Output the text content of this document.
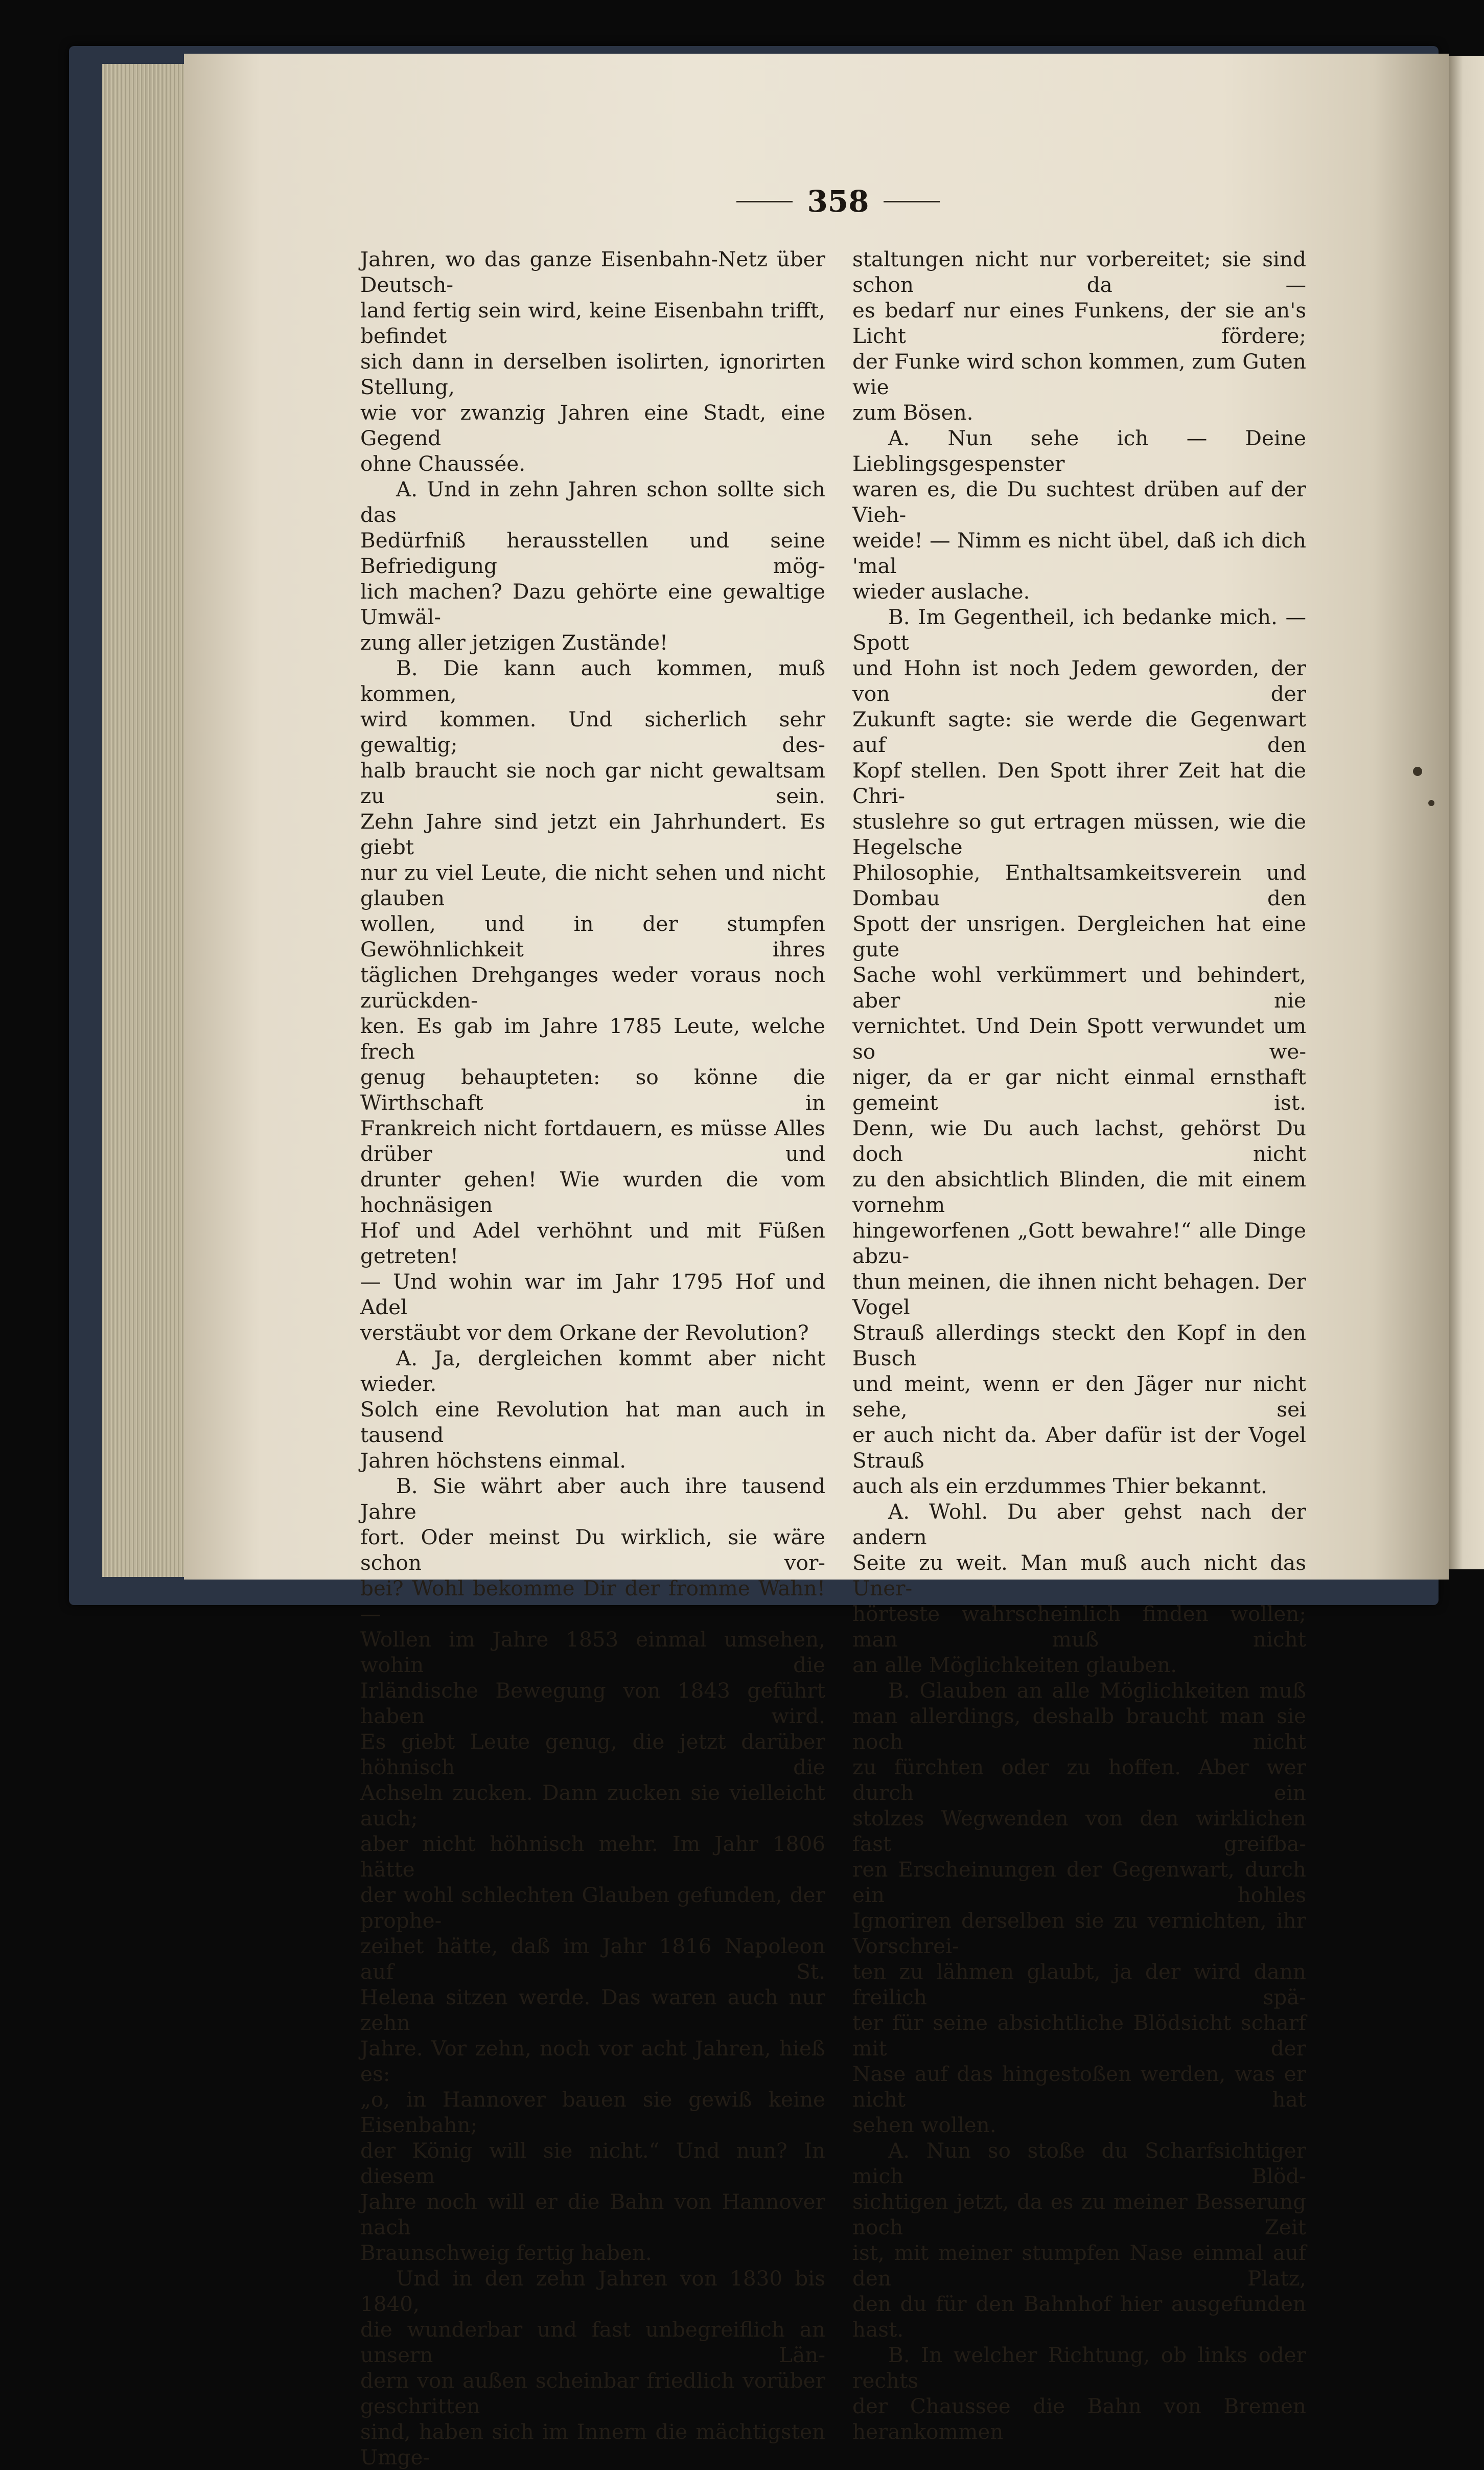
358

Jahren, wo das ganze Eisenbahn-Netz über Deutsch-

land fertig sein wird, keine Eisenbahn trifft, befindet

sich dann in derselben isolirten, ignorirten Stellung,

wie vor zwanzig Jahren eine Stadt, eine Gegend

ohne Chaussée.

A. Und in zehn Jahren schon sollte sich das

Bedürfniß herausstellen und seine Befriedigung mög-

lich machen? Dazu gehörte eine gewaltige Umwäl-

zung aller jetzigen Zustände!

B. Die kann auch kommen, muß kommen,

wird kommen. Und sicherlich sehr gewaltig; des-

halb braucht sie noch gar nicht gewaltsam zu sein.

Zehn Jahre sind jetzt ein Jahrhundert. Es giebt

nur zu viel Leute, die nicht sehen und nicht glauben

wollen, und in der stumpfen Gewöhnlichkeit ihres

täglichen Drehganges weder voraus noch zurückden-

ken. Es gab im Jahre 1785 Leute, welche frech

genug behaupteten: so könne die Wirthschaft in

Frankreich nicht fortdauern, es müsse Alles drüber und

drunter gehen! Wie wurden die vom hochnäsigen

Hof und Adel verhöhnt und mit Füßen getreten!

— Und wohin war im Jahr 1795 Hof und Adel

verstäubt vor dem Orkane der Revolution?

A. Ja, dergleichen kommt aber nicht wieder.

Solch eine Revolution hat man auch in tausend

Jahren höchstens einmal.

B. Sie währt aber auch ihre tausend Jahre

fort. Oder meinst Du wirklich, sie wäre schon vor-

bei? Wohl bekomme Dir der fromme Wahn! —

Wollen im Jahre 1853 einmal umsehen, wohin die

Irländische Bewegung von 1843 geführt haben wird.

Es giebt Leute genug, die jetzt darüber höhnisch die

Achseln zucken. Dann zucken sie vielleicht auch;

aber nicht höhnisch mehr. Im Jahr 1806 hätte

der wohl schlechten Glauben gefunden, der prophe-

zeihet hätte, daß im Jahr 1816 Napoleon auf St.

Helena sitzen werde. Das waren auch nur zehn

Jahre. Vor zehn, noch vor acht Jahren, hieß es:

„o, in Hannover bauen sie gewiß keine Eisenbahn;

der König will sie nicht.“ Und nun? In diesem

Jahre noch will er die Bahn von Hannover nach

Braunschweig fertig haben.

Und in den zehn Jahren von 1830 bis 1840,

die wunderbar und fast unbegreiflich an unsern Län-

dern von außen scheinbar friedlich vorüber geschritten

sind, haben sich im Innern die mächtigsten Umge-

staltungen nicht nur vorbereitet; sie sind schon da —

es bedarf nur eines Funkens, der sie an's Licht fördere;

der Funke wird schon kommen, zum Guten wie

zum Bösen.

A. Nun sehe ich — Deine Lieblingsgespenster

waren es, die Du suchtest drüben auf der Vieh-

weide! — Nimm es nicht übel, daß ich dich 'mal

wieder auslache.

B. Im Gegentheil, ich bedanke mich. — Spott

und Hohn ist noch Jedem geworden, der von der

Zukunft sagte: sie werde die Gegenwart auf den

Kopf stellen. Den Spott ihrer Zeit hat die Chri-

stuslehre so gut ertragen müssen, wie die Hegelsche

Philosophie, Enthaltsamkeitsverein und Dombau den

Spott der unsrigen. Dergleichen hat eine gute

Sache wohl verkümmert und behindert, aber nie

vernichtet. Und Dein Spott verwundet um so we-

niger, da er gar nicht einmal ernsthaft gemeint ist.

Denn, wie Du auch lachst, gehörst Du doch nicht

zu den absichtlich Blinden, die mit einem vornehm

hingeworfenen „Gott bewahre!“ alle Dinge abzu-

thun meinen, die ihnen nicht behagen. Der Vogel

Strauß allerdings steckt den Kopf in den Busch

und meint, wenn er den Jäger nur nicht sehe, sei

er auch nicht da. Aber dafür ist der Vogel Strauß

auch als ein erzdummes Thier bekannt.

A. Wohl. Du aber gehst nach der andern

Seite zu weit. Man muß auch nicht das Uner-

hörteste wahrscheinlich finden wollen; man muß nicht

an alle Möglichkeiten glauben.

B. Glauben an alle Möglichkeiten muß

man allerdings, deshalb braucht man sie noch nicht

zu fürchten oder zu hoffen. Aber wer durch ein

stolzes Wegwenden von den wirklichen fast greifba-

ren Erscheinungen der Gegenwart, durch ein hohles

Ignoriren derselben sie zu vernichten, ihr Vorschrei-

ten zu lähmen glaubt, ja der wird dann freilich spä-

ter für seine absichtliche Blödsicht scharf mit der

Nase auf das hingestoßen werden, was er nicht hat

sehen wollen.

A. Nun so stoße du Scharfsichtiger mich Blöd-

sichtigen jetzt, da es zu meiner Besserung noch Zeit

ist, mit meiner stumpfen Nase einmal auf den Platz,

den du für den Bahnhof hier ausgefunden hast.

B. In welcher Richtung, ob links oder rechts

der Chaussee die Bahn von Bremen herankommen
